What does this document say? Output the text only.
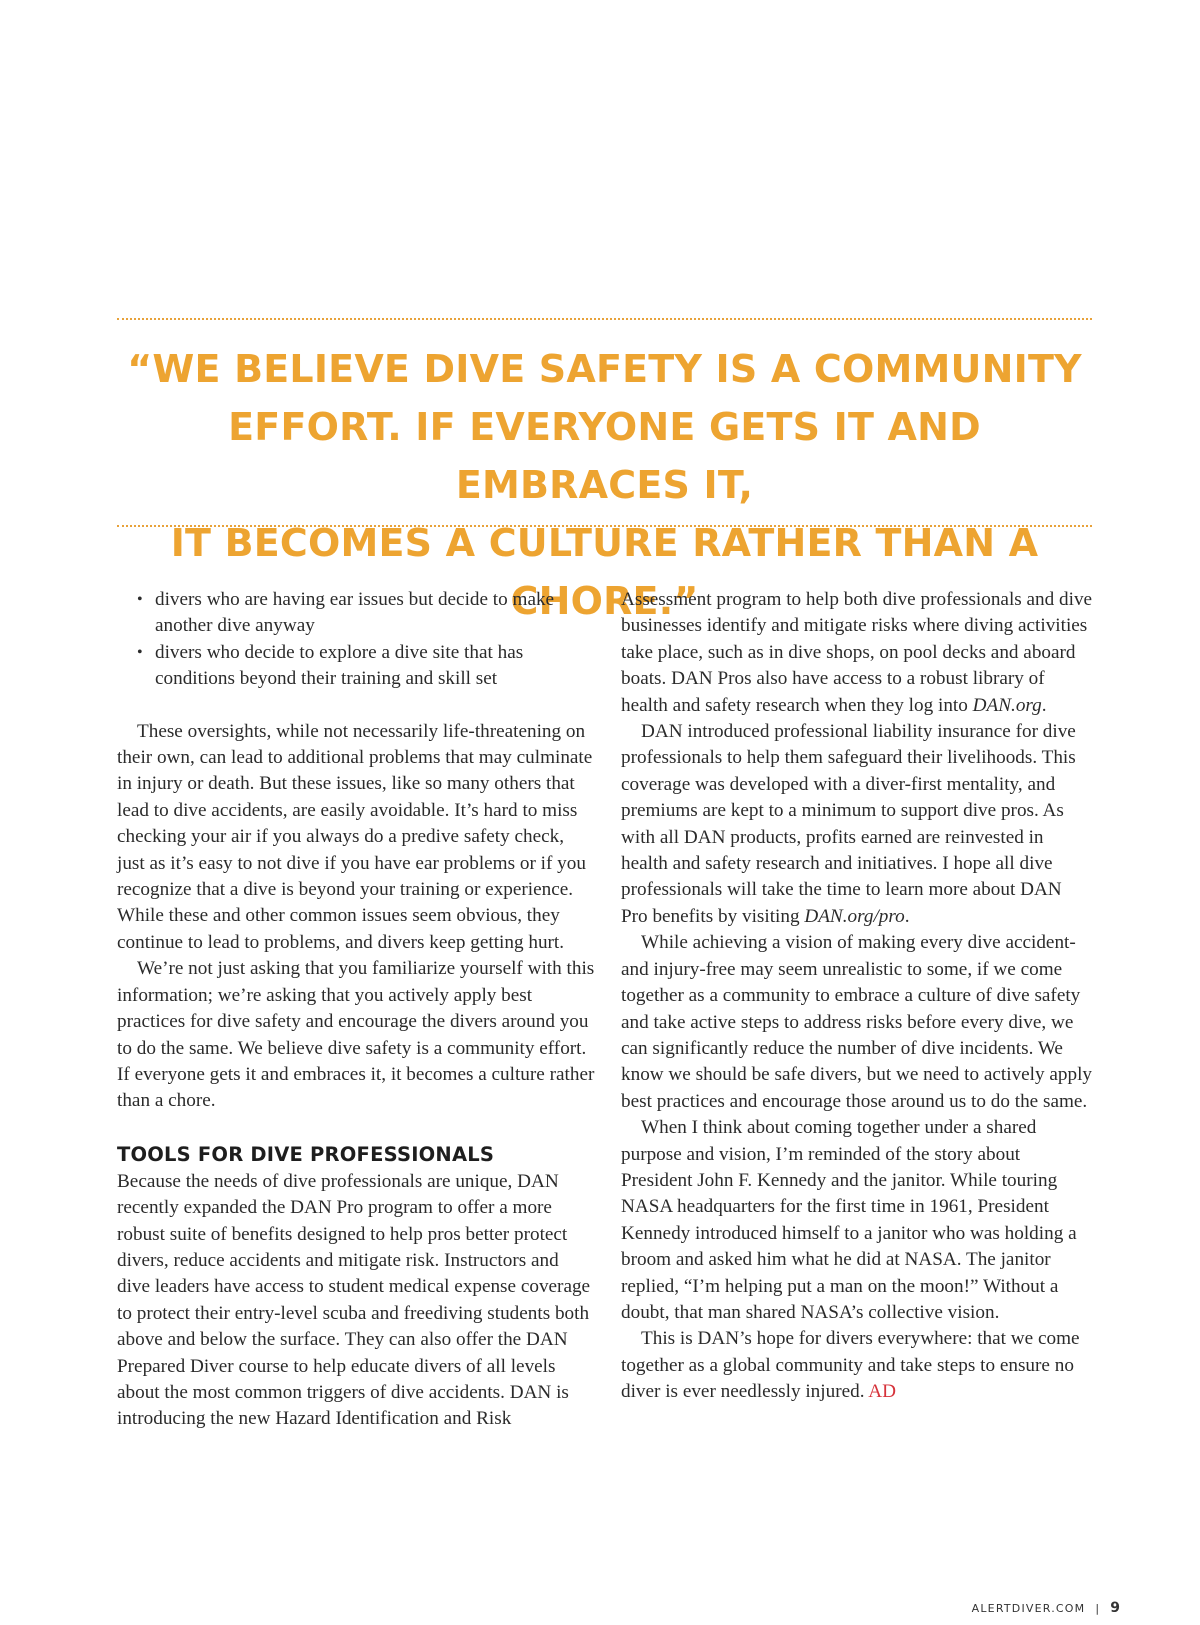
“WE BELIEVE DIVE SAFETY IS A COMMUNITY
EFFORT. IF EVERYONE GETS IT AND EMBRACES IT,
IT BECOMES A CULTURE RATHER THAN A CHORE.”
• divers who are having ear issues but decide to make another dive anyway
• divers who decide to explore a dive site that has conditions beyond their training and skill set

These oversights, while not necessarily life-threatening on their own, can lead to additional problems that may culminate in injury or death. But these issues, like so many others that lead to dive accidents, are easily avoidable. It’s hard to miss checking your air if you always do a predive safety check, just as it’s easy to not dive if you have ear problems or if you recognize that a dive is beyond your training or experience. While these and other common issues seem obvious, they continue to lead to problems, and divers keep getting hurt.

We’re not just asking that you familiarize yourself with this information; we’re asking that you actively apply best practices for dive safety and encourage the divers around you to do the same. We believe dive safety is a community effort. If everyone gets it and embraces it, it becomes a culture rather than a chore.

TOOLS FOR DIVE PROFESSIONALS

Because the needs of dive professionals are unique, DAN recently expanded the DAN Pro program to offer a more robust suite of benefits designed to help pros better protect divers, reduce accidents and mitigate risk. Instructors and dive leaders have access to student medical expense coverage to protect their entry-level scuba and freediving students both above and below the surface. They can also offer the DAN Prepared Diver course to help educate divers of all levels about the most common triggers of dive accidents. DAN is introducing the new Hazard Identification and Risk

Assessment program to help both dive professionals and dive businesses identify and mitigate risks where diving activities take place, such as in dive shops, on pool decks and aboard boats. DAN Pros also have access to a robust library of health and safety research when they log into DAN.org.

DAN introduced professional liability insurance for dive professionals to help them safeguard their livelihoods. This coverage was developed with a diver-first mentality, and premiums are kept to a minimum to support dive pros. As with all DAN products, profits earned are reinvested in health and safety research and initiatives. I hope all dive professionals will take the time to learn more about DAN Pro benefits by visiting DAN.org/pro.

While achieving a vision of making every dive accident- and injury-free may seem unrealistic to some, if we come together as a community to embrace a culture of dive safety and take active steps to address risks before every dive, we can significantly reduce the number of dive incidents. We know we should be safe divers, but we need to actively apply best practices and encourage those around us to do the same.

When I think about coming together under a shared purpose and vision, I’m reminded of the story about President John F. Kennedy and the janitor. While touring NASA headquarters for the first time in 1961, President Kennedy introduced himself to a janitor who was holding a broom and asked him what he did at NASA. The janitor replied, “I’m helping put a man on the moon!” Without a doubt, that man shared NASA’s collective vision.

This is DAN’s hope for divers everywhere: that we come together as a global community and take steps to ensure no diver is ever needlessly injured. AD

ALERTDIVER.COM | 9
